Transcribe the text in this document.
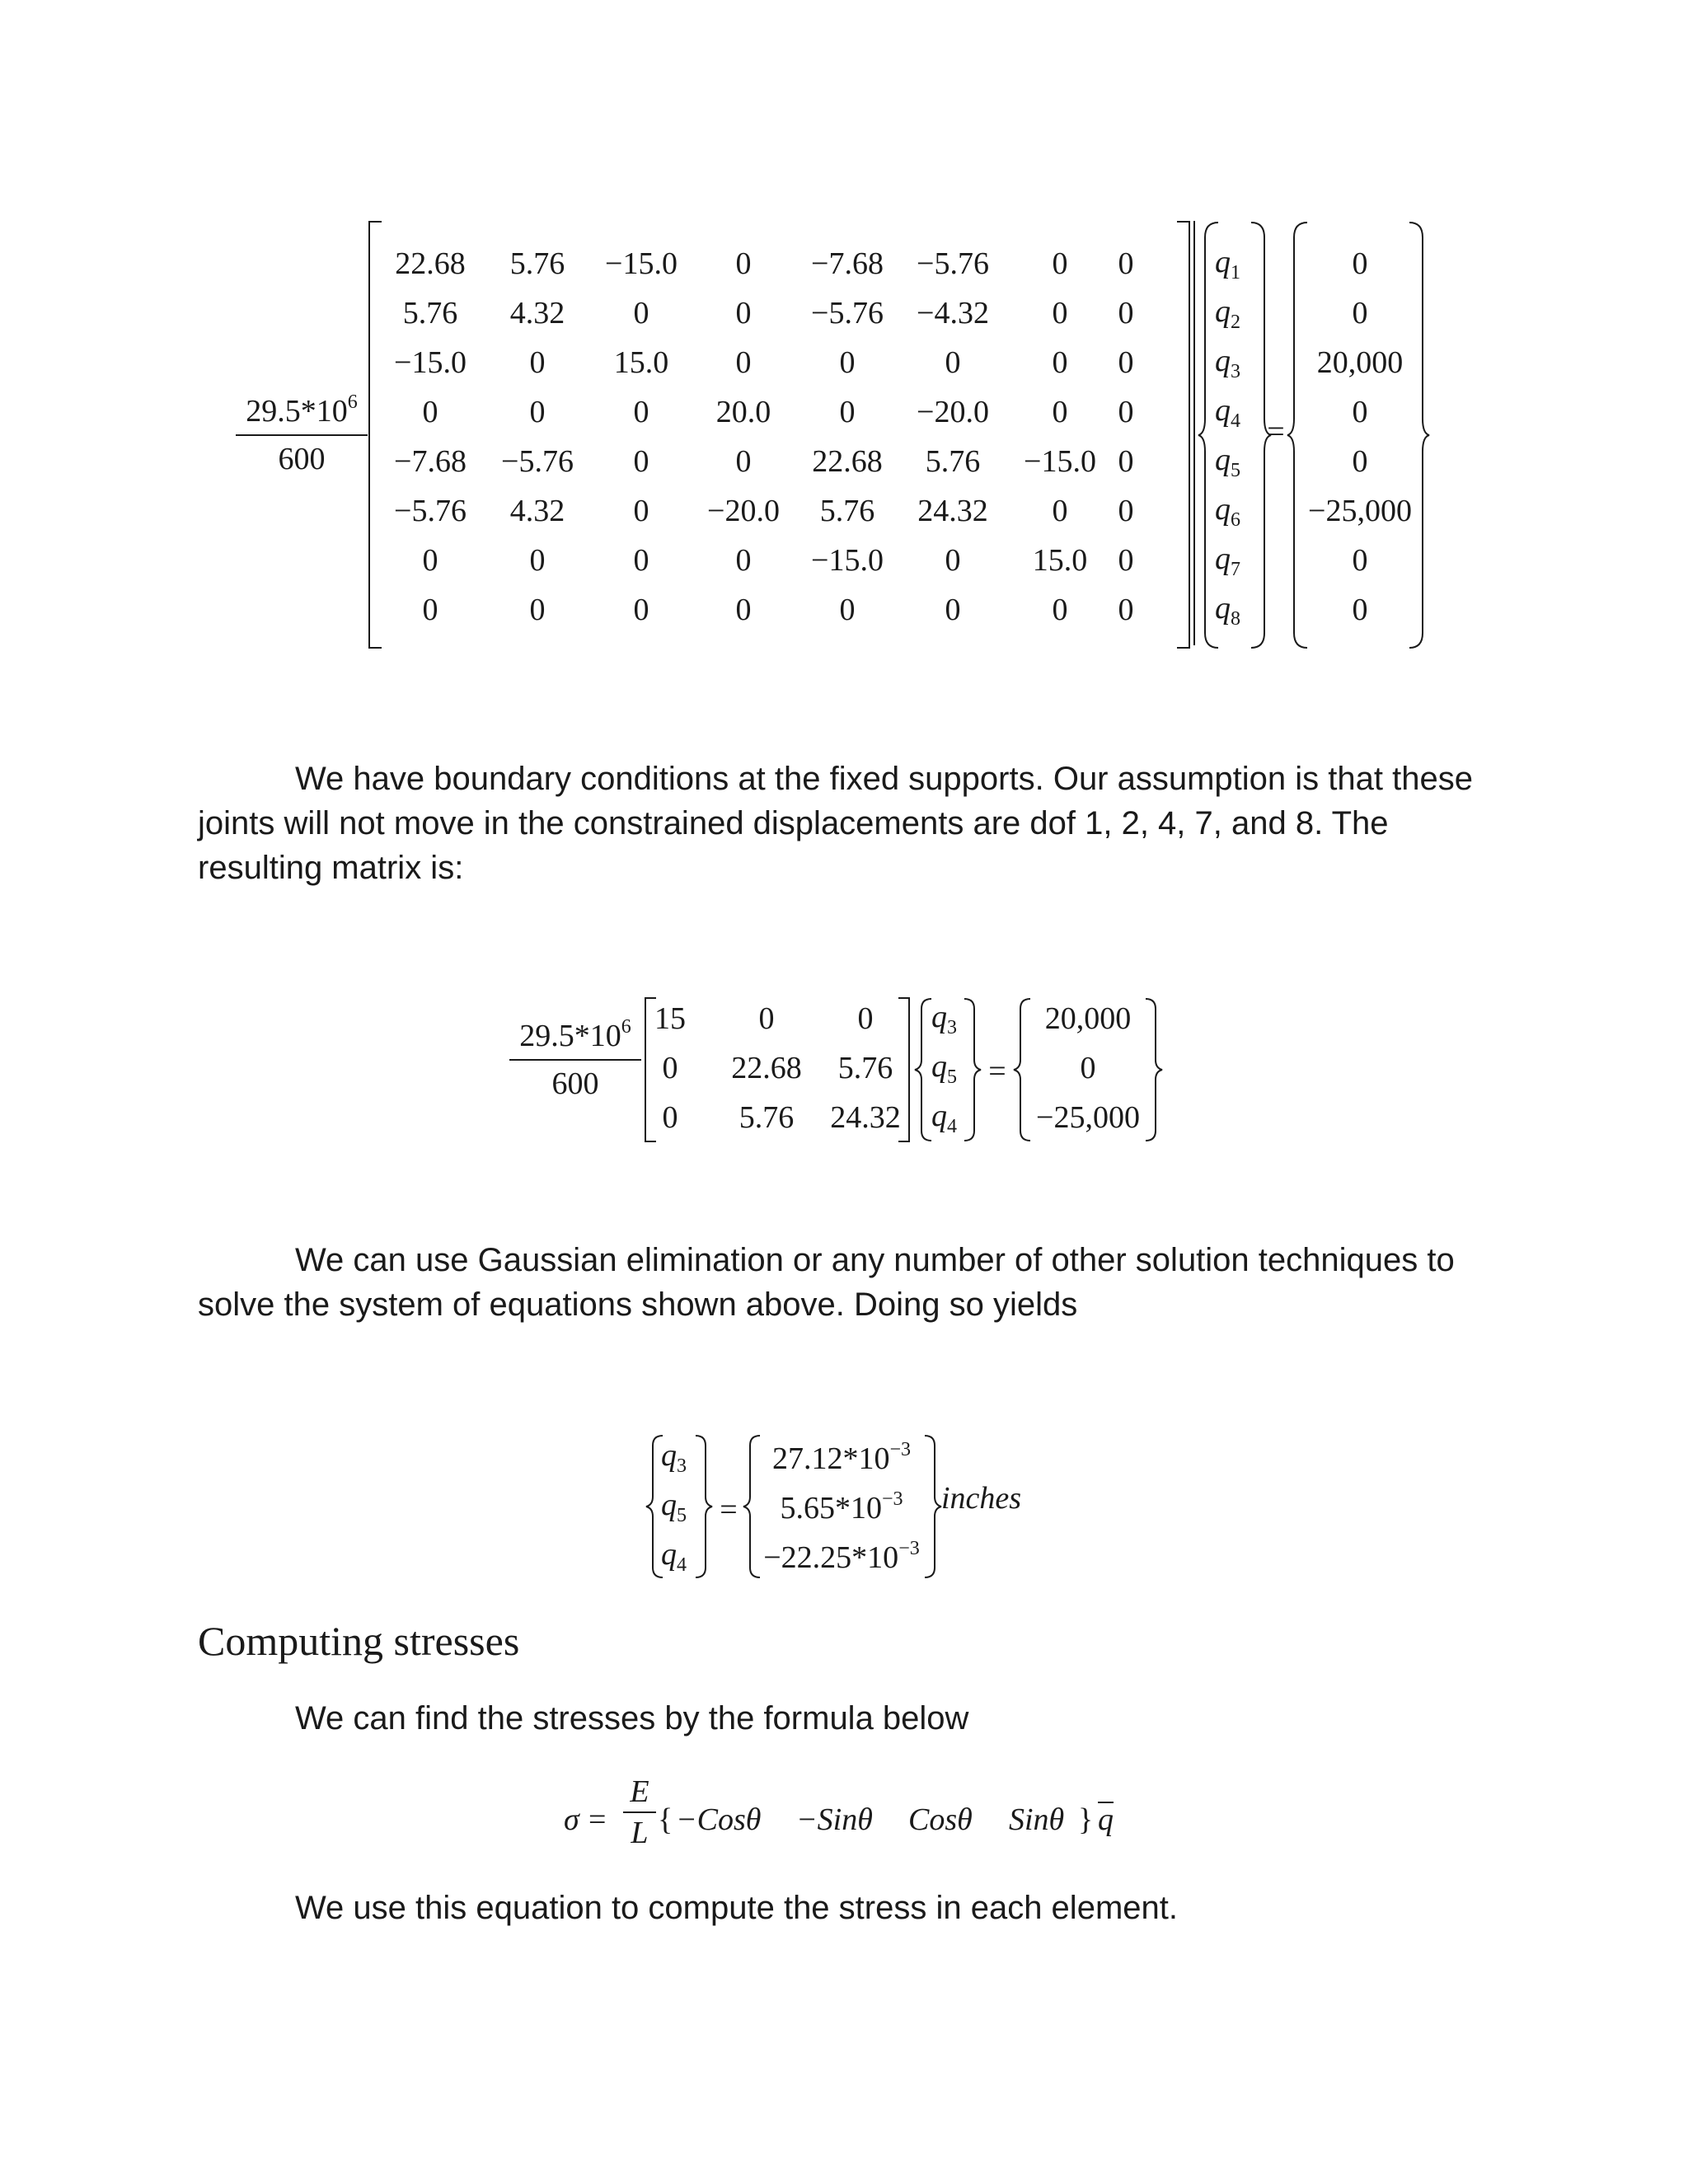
$29.5*10^6$
600
22.68	5.76	−15.0	0	−7.68	−5.76	0	0
5.76	4.32	0	0	−5.76	−4.32	0	0
−15.0	0	15.0	0	0	0	0	0
0	0	0	20.0	0	−20.0	0	0
−7.68	−5.76	0	0	22.68	5.76	−15.0 0
−5.76	4.32	0	−20.0	5.76	24.32	0	0
0	0	0	0	−15.0	0	15.0 0
0	0	0	0	0	0	0	0
$q_1$
$q_2$
$q_3$
$q_4$
$q_5$
$q_6$
$q_7$
$q_8$
=
0
0
20,000
0
0
−25,000
0
0
We have boundary conditions at the fixed supports. Our assumption is that these
joints will not move in the constrained displacements are dof 1, 2, 4, 7, and 8. The
resulting matrix is:
$29.5*10^6$
600
15	0	0
0	22.68	5.76
0	5.76	24.32
$q_3$
$q_5$
$q_4$
=
20,000
0
−25,000
We can use Gaussian elimination or any number of other solution techniques to
solve the system of equations shown above. Doing so yields
$q_3$
$q_5$
$q_4$
=
$27.12*10^{-3}$
$5.65*10^{-3}$
$-22.25*10^{-3}$
inches
Computing stresses
We can find the stresses by the formula below
σ =
E
L { −Cosθ −Sinθ Cosθ Sinθ } q
We use this equation to compute the stress in each element.
